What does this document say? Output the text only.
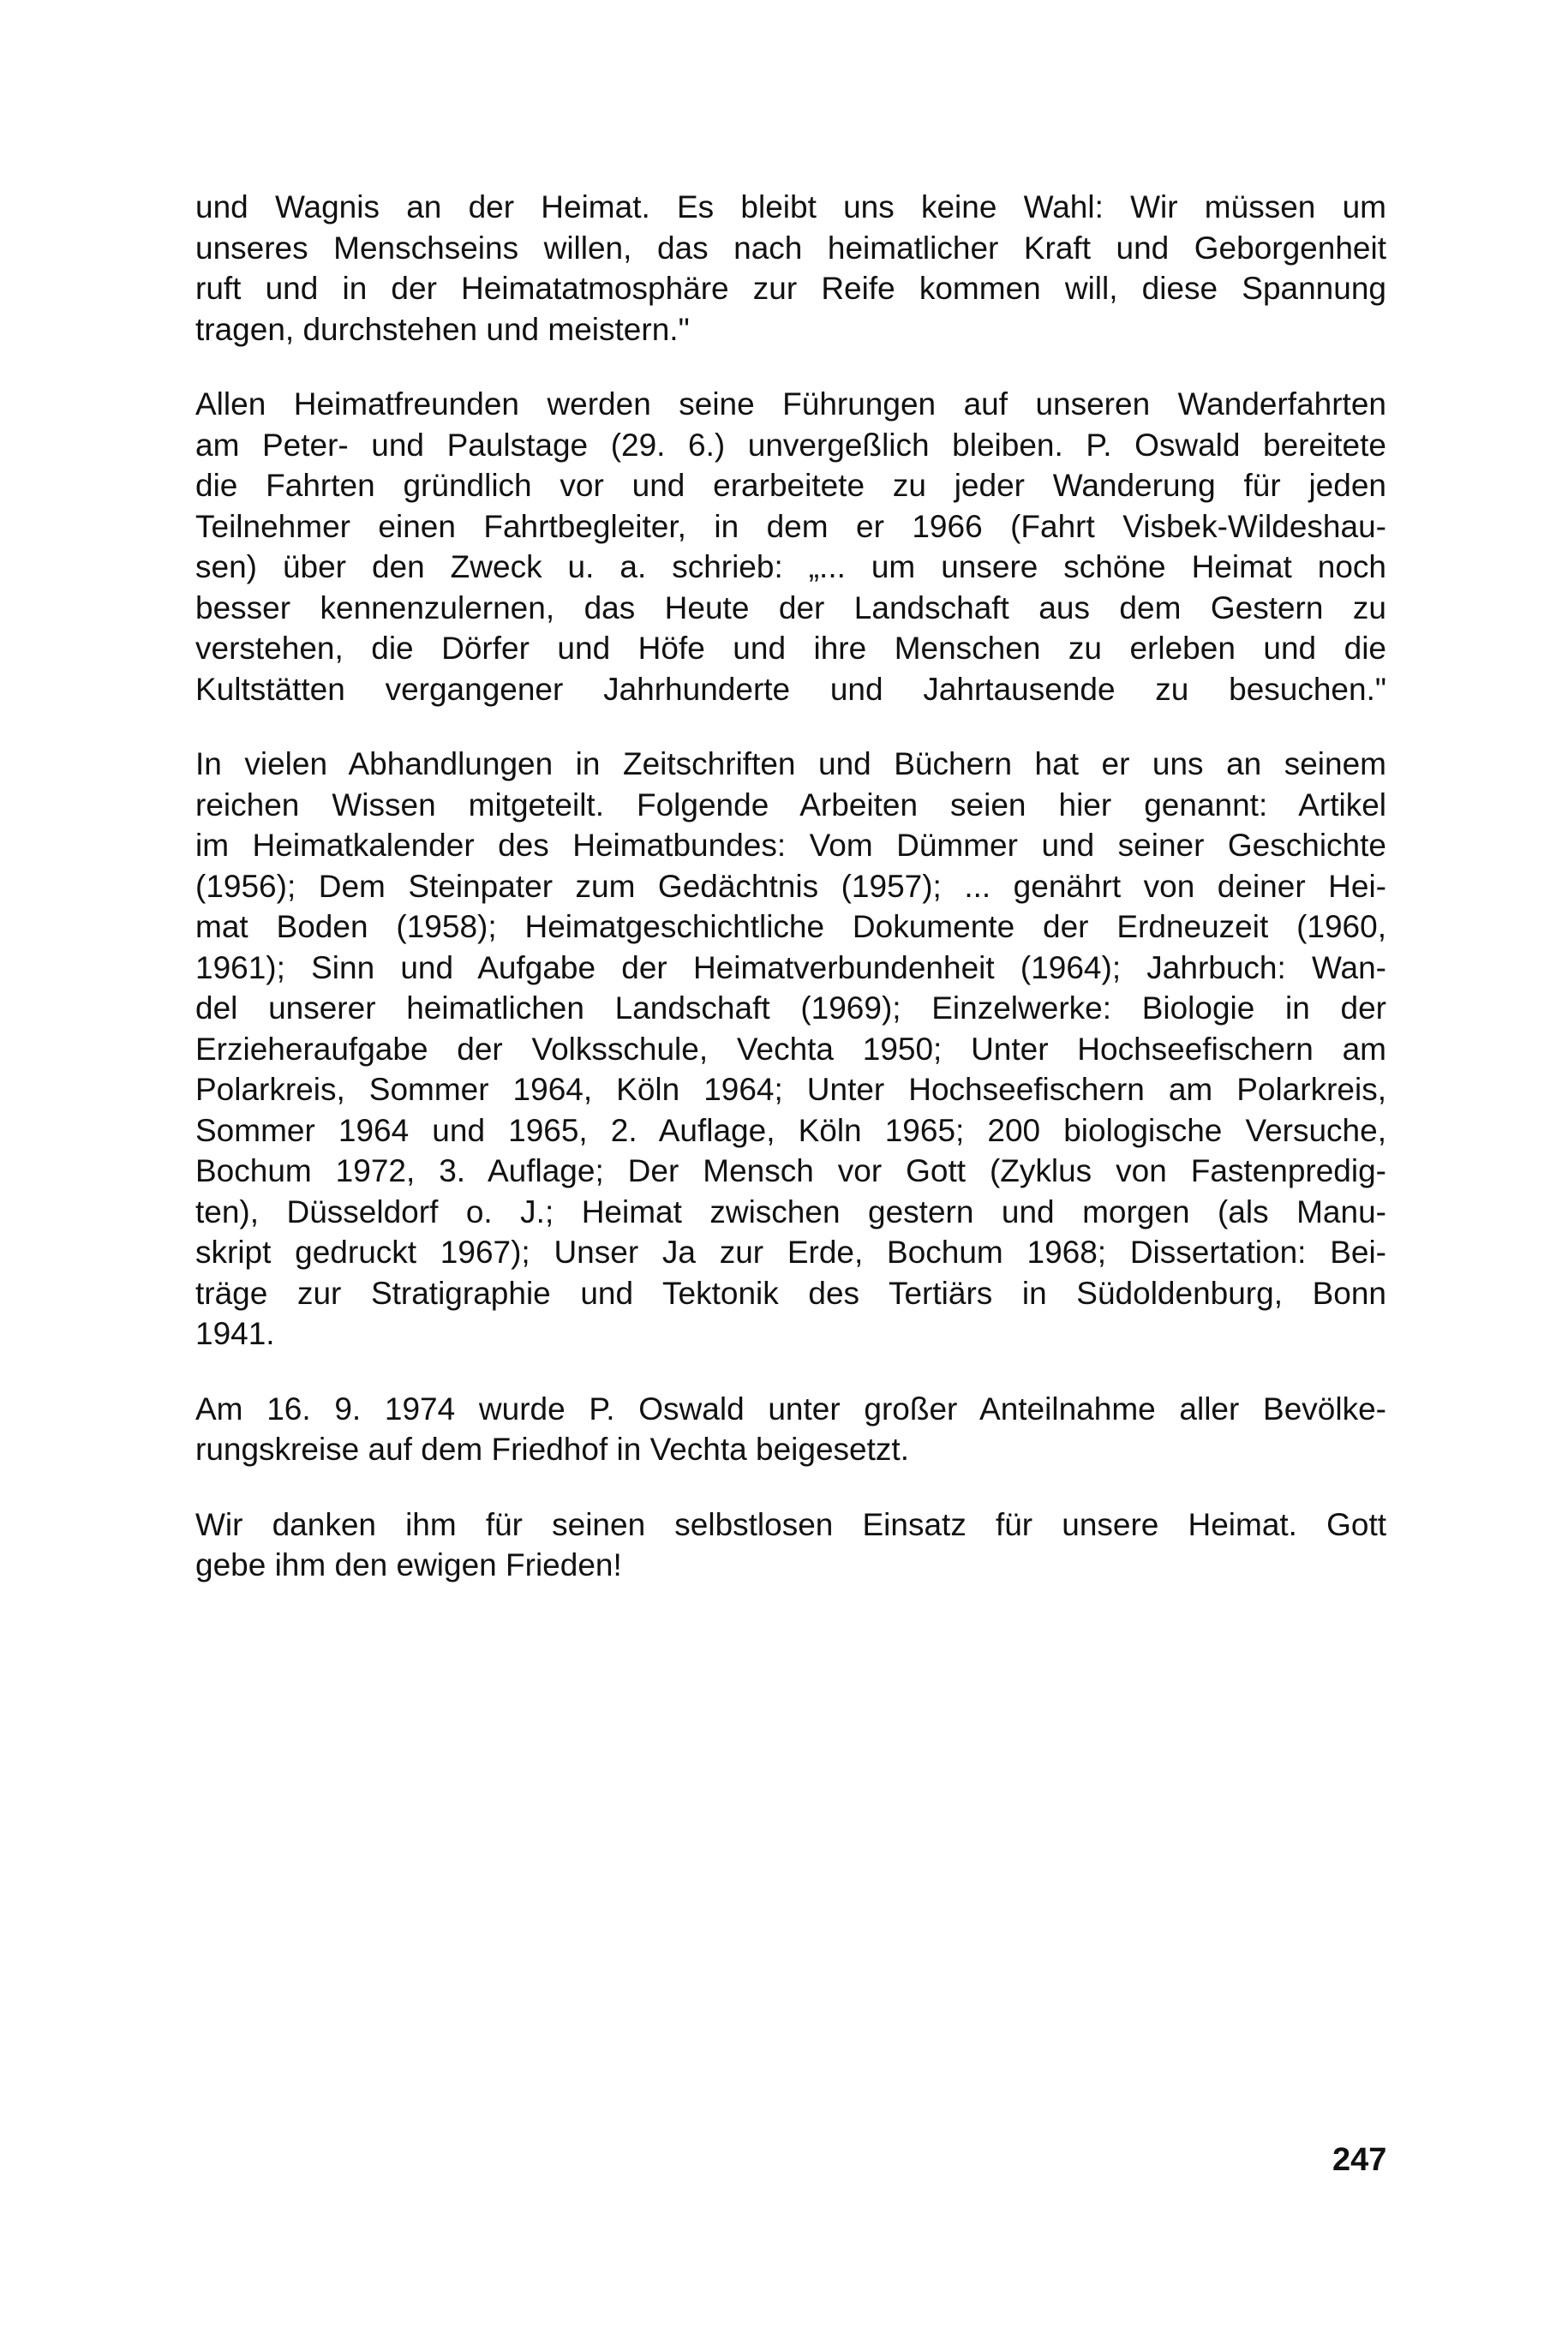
und Wagnis an der Heimat. Es bleibt uns keine Wahl: Wir müssen um
unseres Menschseins willen, das nach heimatlicher Kraft und Geborgenheit
ruft und in der Heimatatmosphäre zur Reife kommen will, diese Spannung
tragen, durchstehen und meistern."

Allen Heimatfreunden werden seine Führungen auf unseren Wanderfahrten
am Peter- und Paulstage (29. 6.) unvergeßlich bleiben. P. Oswald bereitete
die Fahrten gründlich vor und erarbeitete zu jeder Wanderung für jeden
Teilnehmer einen Fahrtbegleiter, in dem er 1966 (Fahrt Visbek-Wildeshau-
sen) über den Zweck u. a. schrieb: „... um unsere schöne Heimat noch
besser kennenzulernen, das Heute der Landschaft aus dem Gestern zu
verstehen, die Dörfer und Höfe und ihre Menschen zu erleben und die
Kultstätten vergangener Jahrhunderte und Jahrtausende zu besuchen."

In vielen Abhandlungen in Zeitschriften und Büchern hat er uns an seinem
reichen Wissen mitgeteilt. Folgende Arbeiten seien hier genannt: Artikel
im Heimatkalender des Heimatbundes: Vom Dümmer und seiner Geschichte
(1956); Dem Steinpater zum Gedächtnis (1957); ... genährt von deiner Hei-
mat Boden (1958); Heimatgeschichtliche Dokumente der Erdneuzeit (1960,
1961); Sinn und Aufgabe der Heimatverbundenheit (1964); Jahrbuch: Wan-
del unserer heimatlichen Landschaft (1969); Einzelwerke: Biologie in der
Erzieheraufgabe der Volksschule, Vechta 1950; Unter Hochseefischern am
Polarkreis, Sommer 1964, Köln 1964; Unter Hochseefischern am Polarkreis,
Sommer 1964 und 1965, 2. Auflage, Köln 1965; 200 biologische Versuche,
Bochum 1972, 3. Auflage; Der Mensch vor Gott (Zyklus von Fastenpredig-
ten), Düsseldorf o. J.; Heimat zwischen gestern und morgen (als Manu-
skript gedruckt 1967); Unser Ja zur Erde, Bochum 1968; Dissertation: Bei-
träge zur Stratigraphie und Tektonik des Tertiärs in Südoldenburg, Bonn
1941.

Am 16. 9. 1974 wurde P. Oswald unter großer Anteilnahme aller Bevölke-
rungskreise auf dem Friedhof in Vechta beigesetzt.

Wir danken ihm für seinen selbstlosen Einsatz für unsere Heimat. Gott
gebe ihm den ewigen Frieden!

247
